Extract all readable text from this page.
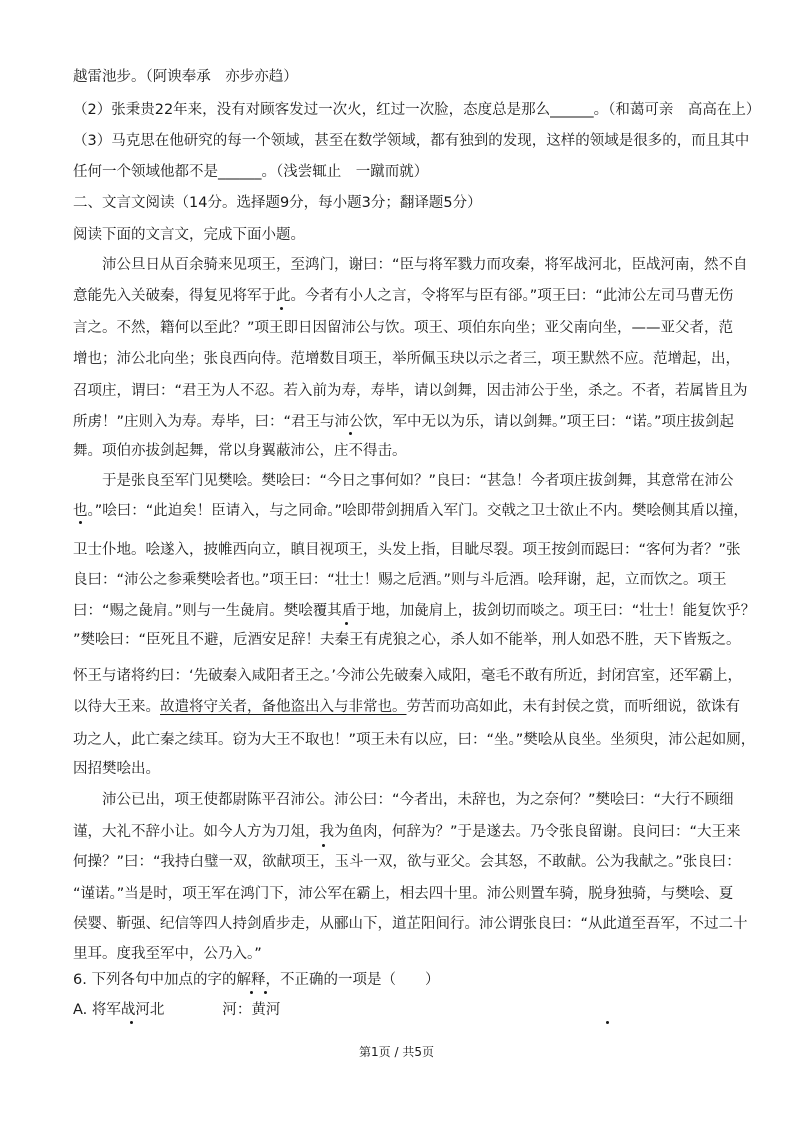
越雷池步。（阿谀奉承　亦步亦趋）
（2）张秉贵22年来，没有对顾客发过一次火，红过一次脸，态度总是那么______。（和蔼可亲　高高在上）
（3）马克思在他研究的每一个领域，甚至在数学领域，都有独到的发现，这样的领域是很多的，而且其中
任何一个领域他都不是______。（浅尝辄止　一蹴而就）
二、文言文阅读（14分。选择题9分，每小题3分；翻译题5分）
阅读下面的文言文，完成下面小题。
　　沛公旦日从百余骑来见项王，至鸿门，谢曰：“臣与将军戮力而攻秦，将军战河北，臣战河南，然不自
意能先入关破秦，得复见将军于此。今者有小人之言，令将军与臣有郤。”项王曰：“此沛公左司马曹无伤
言之。不然，籍何以至此？”项王即日因留沛公与饮。项王、项伯东向坐；亚父南向坐，——亚父者，范
增也；沛公北向坐；张良西向侍。范增数目项王，举所佩玉玦以示之者三，项王默然不应。范增起，出，
召项庄，谓曰：“君王为人不忍。若入前为寿，寿毕，请以剑舞，因击沛公于坐，杀之。不者，若属皆且为
所虏！”庄则入为寿。寿毕，曰：“君王与沛公饮，军中无以为乐，请以剑舞。”项王曰：“诺。”项庄拔剑起
舞。项伯亦拔剑起舞，常以身翼蔽沛公，庄不得击。
　　于是张良至军门见樊哙。樊哙曰：“今日之事何如？”良曰：“甚急！今者项庄拔剑舞，其意常在沛公
也。”哙曰：“此迫矣！臣请入，与之同命。”哙即带剑拥盾入军门。交戟之卫士欲止不内。樊哙侧其盾以撞，
卫士仆地。哙遂入，披帷西向立，瞋目视项王，头发上指，目眦尽裂。项王按剑而跽曰：“客何为者？”张
良曰：“沛公之参乘樊哙者也。”项王曰：“壮士！赐之卮酒。”则与斗卮酒。哙拜谢，起，立而饮之。项王
曰：“赐之彘肩。”则与一生彘肩。樊哙覆其盾于地，加彘肩上，拔剑切而啖之。项王曰：“壮士！能复饮乎？
”樊哙曰：“臣死且不避，卮酒安足辞！夫秦王有虎狼之心，杀人如不能举，刑人如恐不胜，天下皆叛之。
怀王与诸将约曰：‘先破秦入咸阳者王之。’今沛公先破秦入咸阳，毫毛不敢有所近，封闭宫室，还军霸上，
以待大王来。故遣将守关者，备他盗出入与非常也。劳苦而功高如此，未有封侯之赏，而听细说，欲诛有
功之人，此亡秦之续耳。窃为大王不取也！”项王未有以应，曰：“坐。”樊哙从良坐。坐须臾，沛公起如厕，
因招樊哙出。
　　沛公已出，项王使都尉陈平召沛公。沛公曰：“今者出，未辞也，为之奈何？”樊哙曰：“大行不顾细
谨，大礼不辞小让。如今人方为刀俎，我为鱼肉，何辞为？”于是遂去。乃令张良留谢。良问曰：“大王来
何操？”曰：“我持白璧一双，欲献项王，玉斗一双，欲与亚父。会其怒，不敢献。公为我献之。”张良曰：
“谨诺。”当是时，项王军在鸿门下，沛公军在霸上，相去四十里。沛公则置车骑，脱身独骑，与樊哙、夏
侯婴、靳强、纪信等四人持剑盾步走，从郦山下，道芷阳间行。沛公谓张良曰：“从此道至吾军，不过二十
里耳。度我至军中，公乃入。”
6. 下列各句中加点的字的解释，不正确的一项是（　　）
A. 将军战河北　　　　河：黄河
第1页 / 共5页
